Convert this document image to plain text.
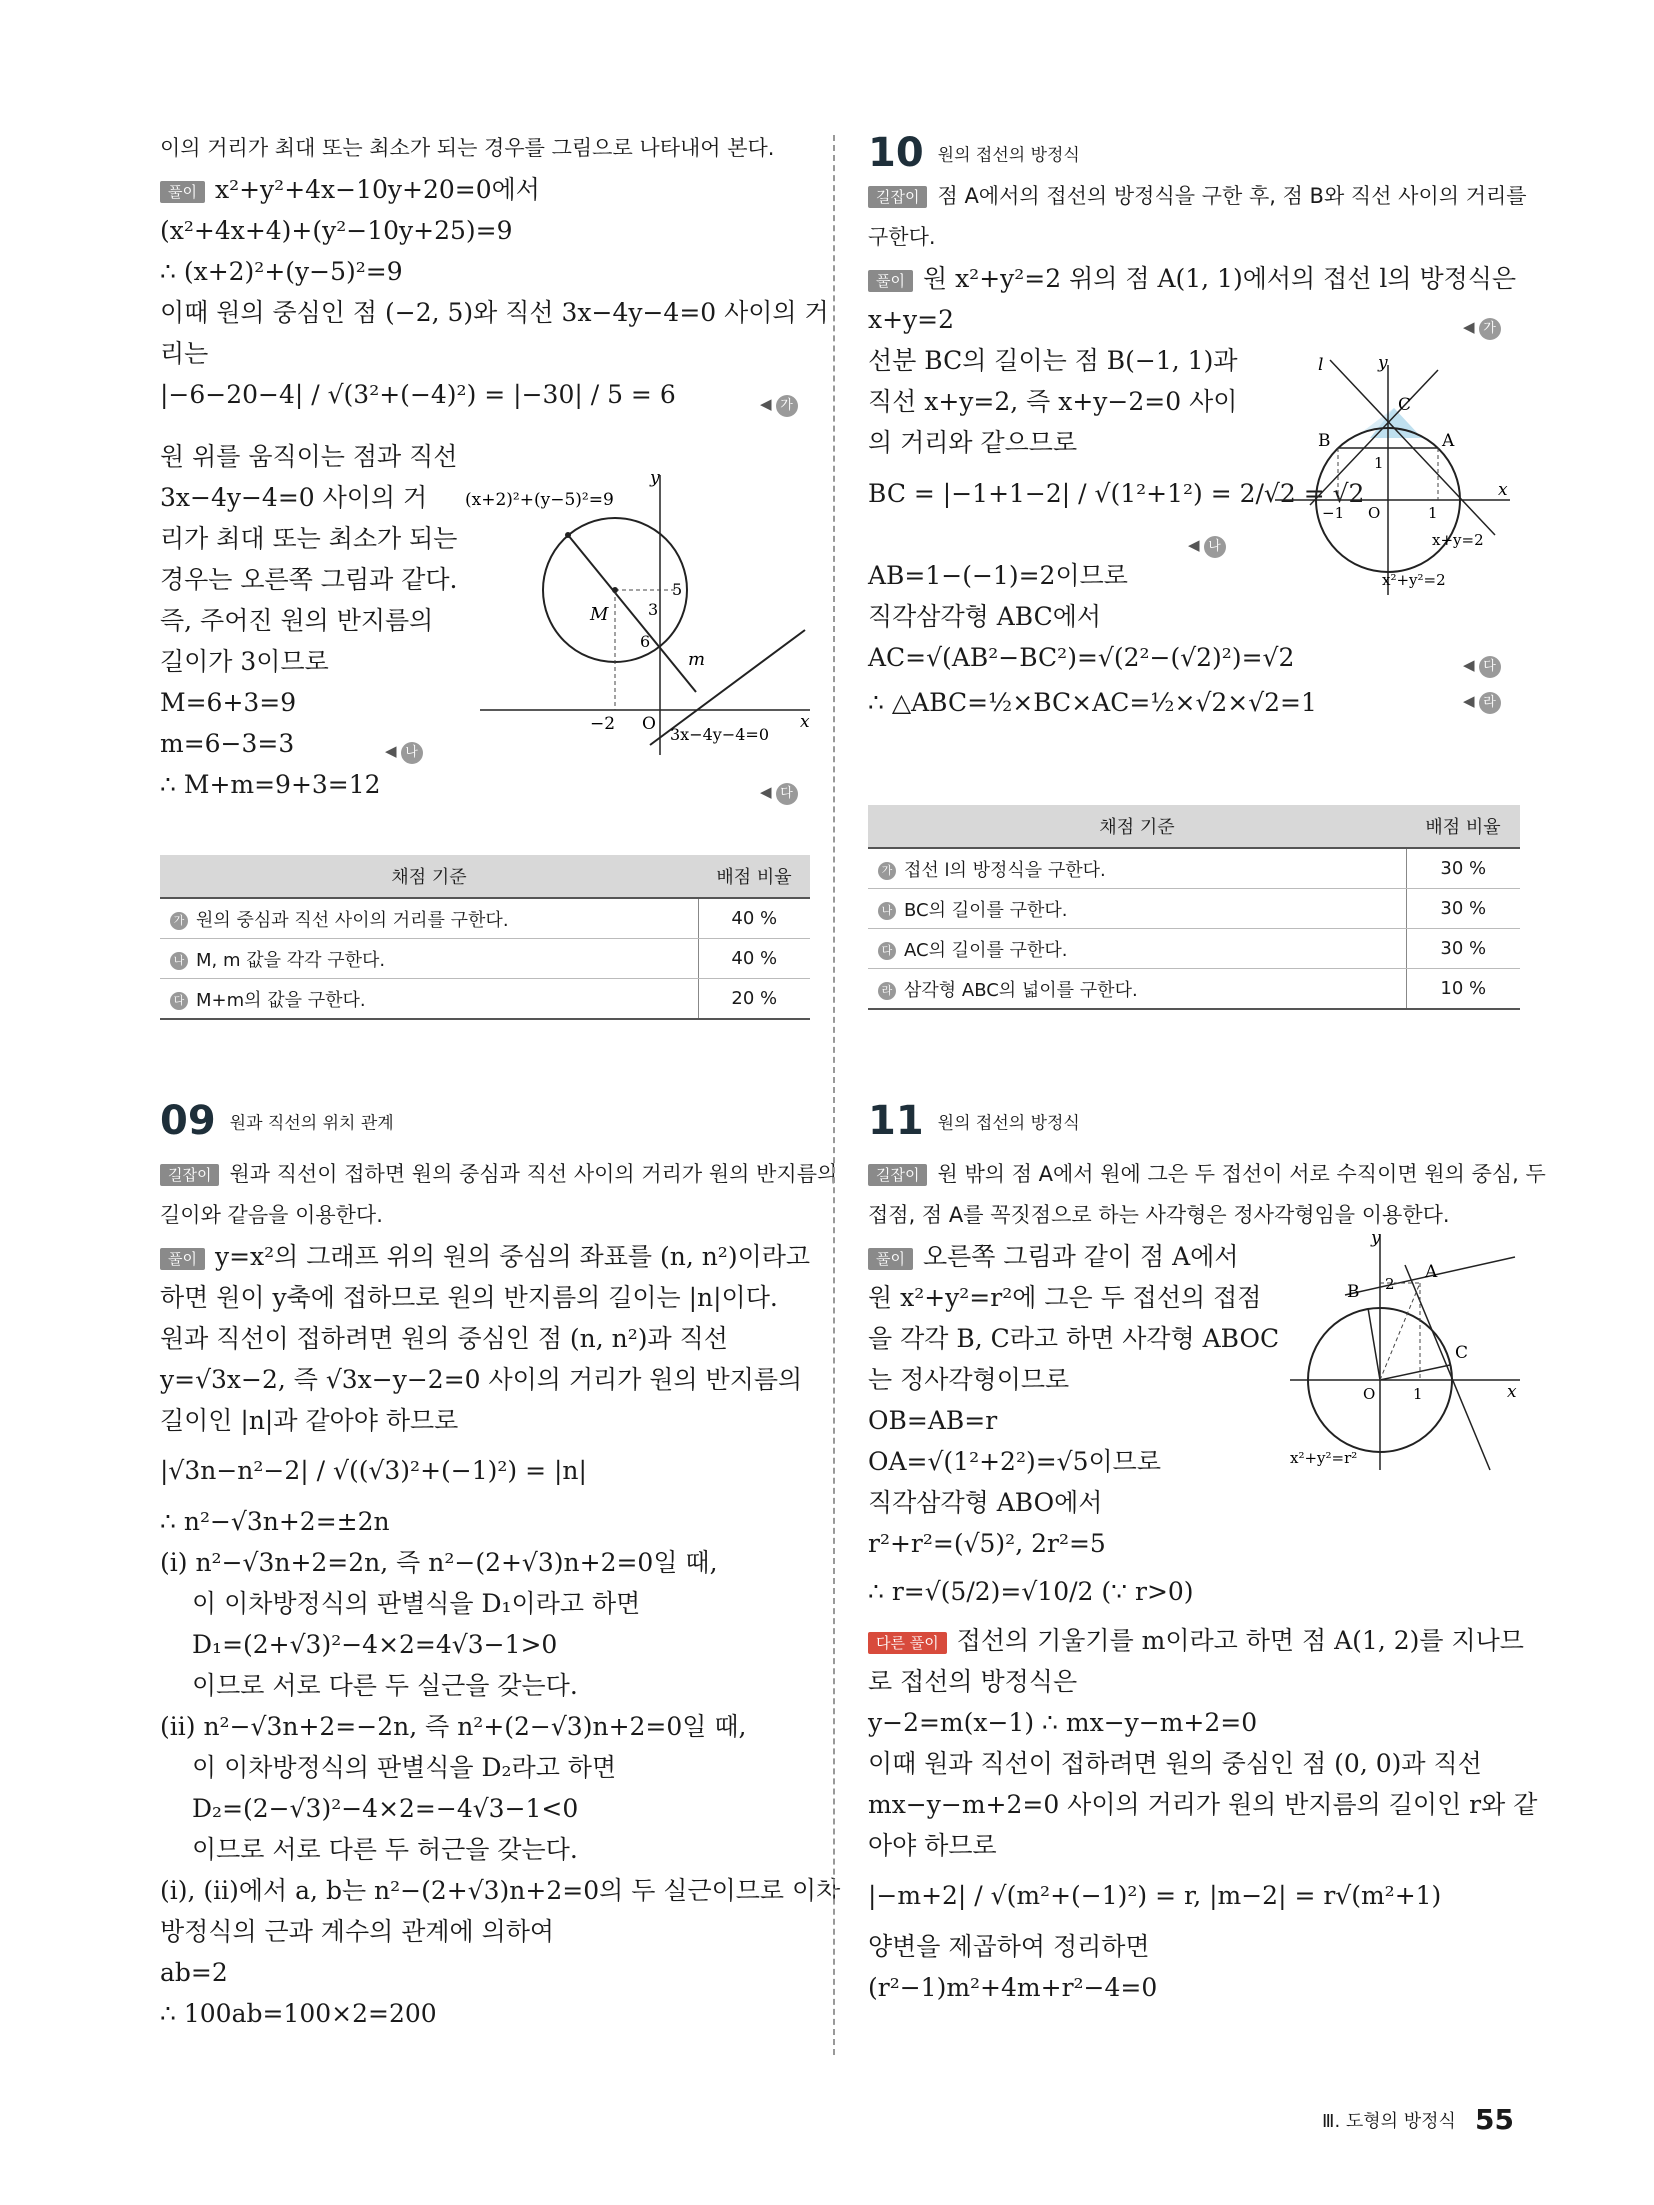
이의 거리가 최대 또는 최소가 되는 경우를 그림으로 나타내어 본다.
풀이 x²+y²+4x−10y+20=0에서
(x²+4x+4)+(y²−10y+25)=9
∴ (x+2)²+(y−5)²=9
이때 원의 중심인 점 (−2, 5)와 직선 3x−4y−4=0 사이의 거
리는
|−6−20−4| / √(3²+(−4)²) = |−30| / 5 = 6	◀ 가
원 위를 움직이는 점과 직선
3x−4y−4=0 사이의 거
리가 최대 또는 최소가 되는
경우는 오른쪽 그림과 같다.
즉, 주어진 원의 반지름의
길이가 3이므로
M=6+3=9
m=6−3=3	◀ 나
∴ M+m=9+3=12	◀ 다
(x+2)²+(y−5)²=9
3x−4y−4=0
x
y
O
−2
5
3
6
M
m
채점 기준	배점 비율
가 원의 중심과 직선 사이의 거리를 구한다.	40 %
나 M, m 값을 각각 구한다.	40 %
다 M+m의 값을 구한다.	20 %
09 원과 직선의 위치 관계
길잡이 원과 직선이 접하면 원의 중심과 직선 사이의 거리가 원의 반지름의
길이와 같음을 이용한다.
풀이 y=x²의 그래프 위의 원의 중심의 좌표를 (n, n²)이라고
하면 원이 y축에 접하므로 원의 반지름의 길이는 |n|이다.
원과 직선이 접하려면 원의 중심인 점 (n, n²)과 직선
y=√3x−2, 즉 √3x−y−2=0 사이의 거리가 원의 반지름의
길이인 |n|과 같아야 하므로
|√3n−n²−2| / √((√3)²+(−1)²) = |n|
∴ n²−√3n+2=±2n
(ⅰ) n²−√3n+2=2n, 즉 n²−(2+√3)n+2=0일 때,
이 이차방정식의 판별식을 D₁이라고 하면
D₁=(2+√3)²−4×2=4√3−1>0
이므로 서로 다른 두 실근을 갖는다.
(ⅱ) n²−√3n+2=−2n, 즉 n²+(2−√3)n+2=0일 때,
이 이차방정식의 판별식을 D₂라고 하면
D₂=(2−√3)²−4×2=−4√3−1<0
이므로 서로 다른 두 허근을 갖는다.
(ⅰ), (ⅱ)에서 a, b는 n²−(2+√3)n+2=0의 두 실근이므로 이차
방정식의 근과 계수의 관계에 의하여
ab=2
∴ 100ab=100×2=200
10 원의 접선의 방정식
길잡이 점 A에서의 접선의 방정식을 구한 후, 점 B와 직선 사이의 거리를
구한다.
풀이 원 x²+y²=2 위의 점 A(1, 1)에서의 접선 l의 방정식은
x+y=2	◀ 가
선분 BC의 길이는 점 B(−1, 1)과
직선 x+y=2, 즉 x+y−2=0 사이
의 거리와 같으므로
BC = |−1+1−2| / √(1²+1²) = 2/√2 = √2
◀ 나
AB=1−(−1)=2이므로
직각삼각형 ABC에서
AC=√(AB²−BC²)=√(2²−(√2)²)=√2	◀ 다
∴ △ABC=½×BC×AC=½×√2×√2=1	◀ 라
l	y
x
C
B	A
1
−1 O	1
x+y=2
x²+y²=2
채점 기준	배점 비율
가 접선 l의 방정식을 구한다.	30 %
나 BC의 길이를 구한다.	30 %
다 AC의 길이를 구한다.	30 %
라 삼각형 ABC의 넓이를 구한다.	10 %
11 원의 접선의 방정식
길잡이 원 밖의 점 A에서 원에 그은 두 접선이 서로 수직이면 원의 중심, 두
접점, 점 A를 꼭짓점으로 하는 사각형은 정사각형임을 이용한다.
풀이 오른쪽 그림과 같이 점 A에서
원 x²+y²=r²에 그은 두 접선의 접점
을 각각 B, C라고 하면 사각형 ABOC
는 정사각형이므로
OB=AB=r
OA=√(1²+2²)=√5이므로
직각삼각형 ABO에서
r²+r²=(√5)², 2r²=5
∴ r=√(5/2)=√10/2 (∵ r>0)
다른 풀이 접선의 기울기를 m이라고 하면 점 A(1, 2)를 지나므
로 접선의 방정식은
y−2=m(x−1) ∴ mx−y−m+2=0
이때 원과 직선이 접하려면 원의 중심인 점 (0, 0)과 직선
mx−y−m+2=0 사이의 거리가 원의 반지름의 길이인 r와 같
아야 하므로
|−m+2| / √(m²+(−1)²) = r, |m−2| = r√(m²+1)
양변을 제곱하여 정리하면
(r²−1)m²+4m+r²−4=0
y
x
A
B
C
O	1
2
x²+y²=r²
Ⅲ. 도형의 방정식 55
